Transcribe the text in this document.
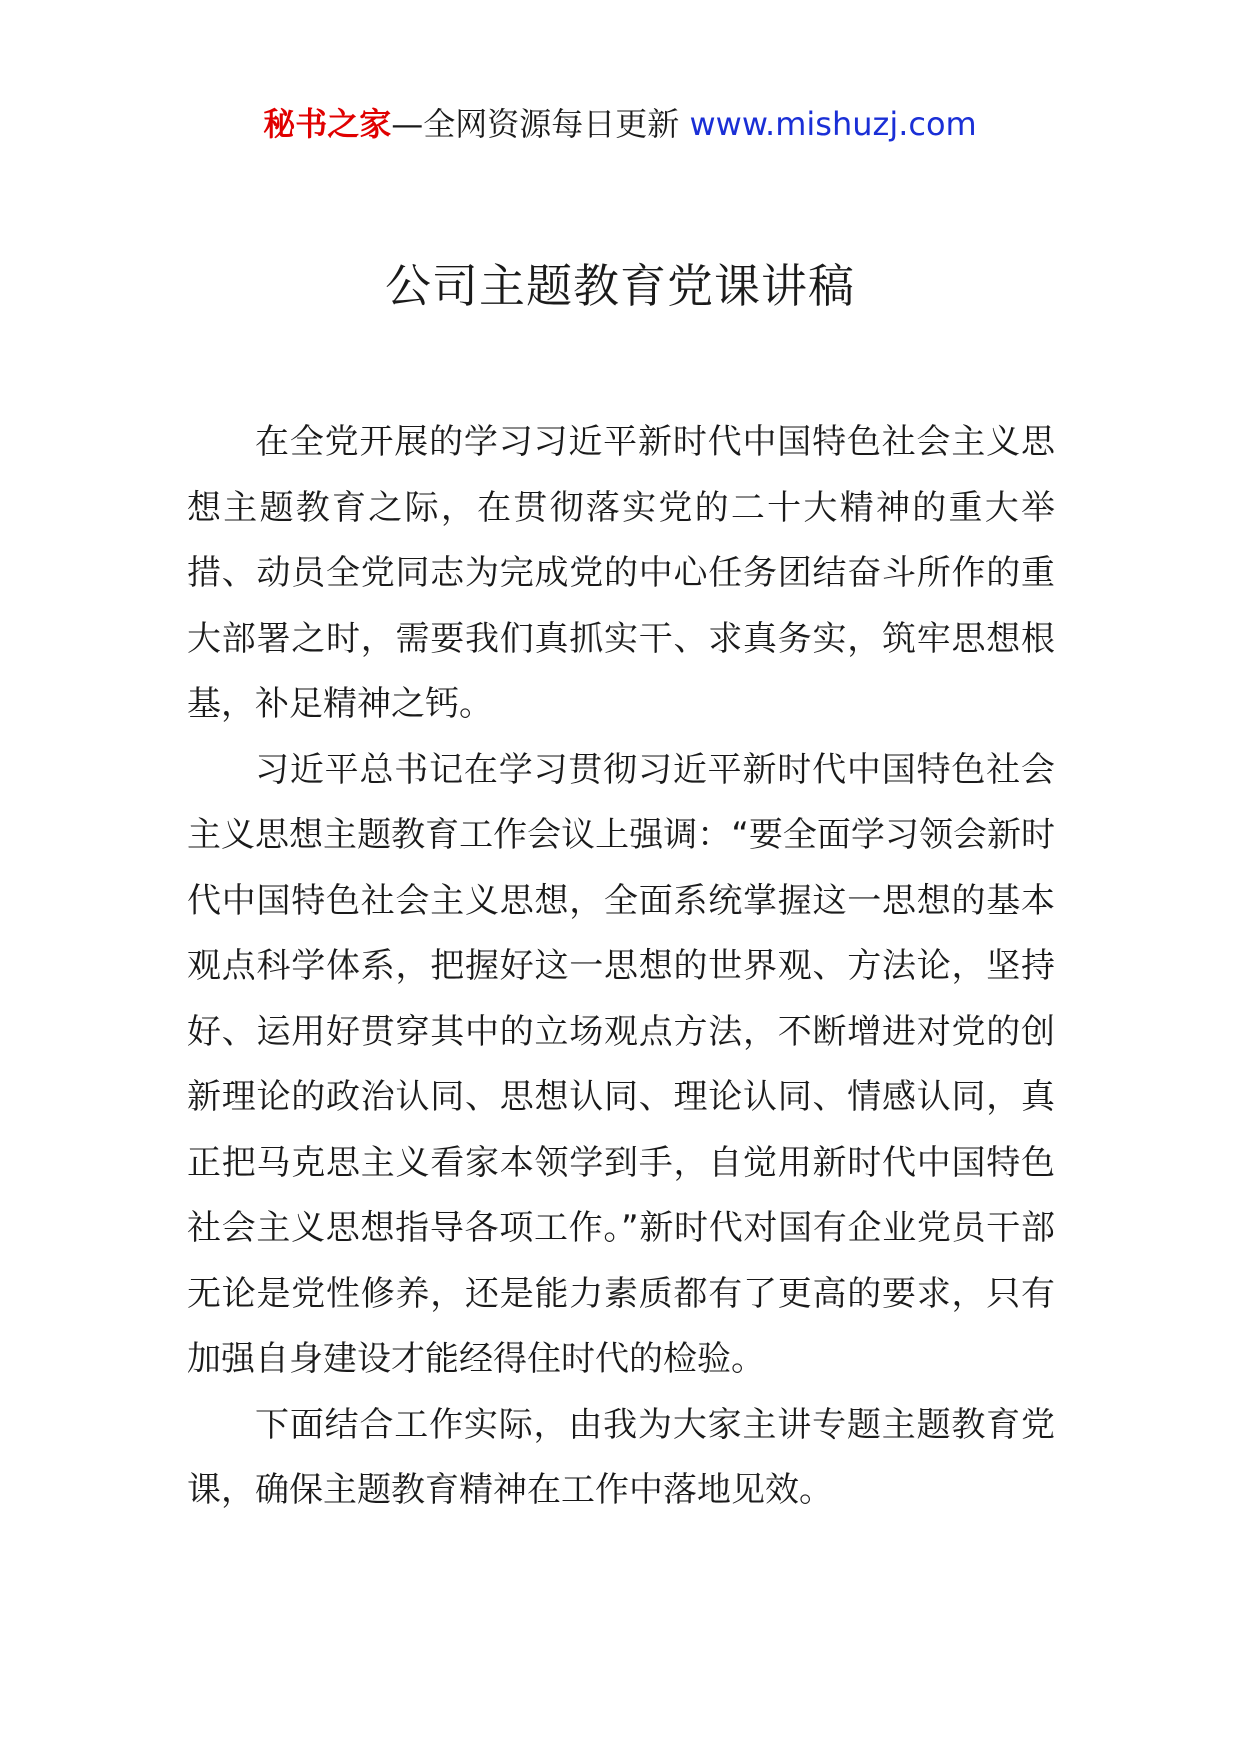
秘书之家—全网资源每日更新 www.mishuzj.com
公司主题教育党课讲稿

在全党开展的学习习近平新时代中国特色社会主义思想主题教育之际，在贯彻落实党的二十大精神的重大举措、动员全党同志为完成党的中心任务团结奋斗所作的重大部署之时，需要我们真抓实干、求真务实，筑牢思想根基，补足精神之钙。

习近平总书记在学习贯彻习近平新时代中国特色社会主义思想主题教育工作会议上强调：“要全面学习领会新时代中国特色社会主义思想，全面系统掌握这一思想的基本观点科学体系，把握好这一思想的世界观、方法论，坚持好、运用好贯穿其中的立场观点方法，不断增进对党的创新理论的政治认同、思想认同、理论认同、情感认同，真正把马克思主义看家本领学到手，自觉用新时代中国特色社会主义思想指导各项工作。”新时代对国有企业党员干部无论是党性修养，还是能力素质都有了更高的要求，只有加强自身建设才能经得住时代的检验。

下面结合工作实际，由我为大家主讲专题主题教育党课，确保主题教育精神在工作中落地见效。
